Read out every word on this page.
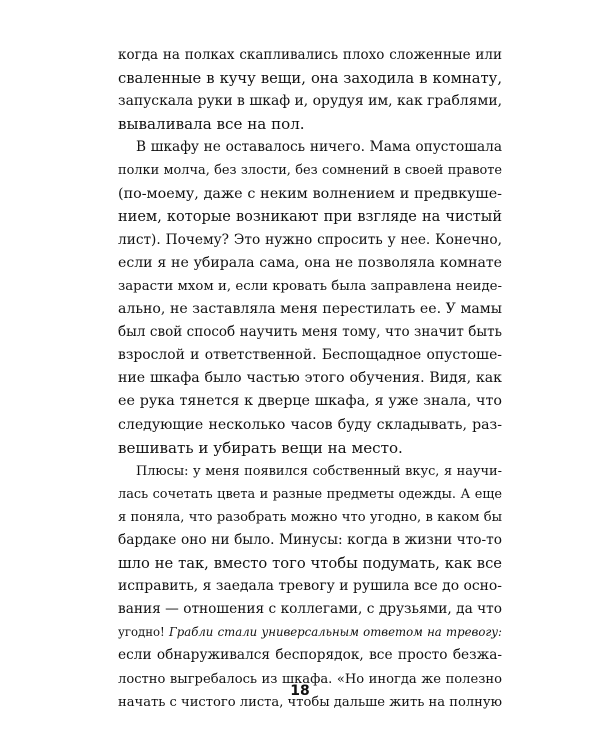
когда на полках скапливались плохо сложенные или
сваленные в кучу вещи, она заходила в комнату,
запускала руки в шкаф и, орудуя им, как граблями,
вываливала все на пол.
В шкафу не оставалось ничего. Мама опустошала
полки молча, без злости, без сомнений в своей правоте
(по-моему, даже с неким волнением и предвкуше-
нием, которые возникают при взгляде на чистый
лист). Почему? Это нужно спросить у нее. Конечно,
если я не убирала сама, она не позволяла комнате
зарасти мхом и, если кровать была заправлена неиде-
ально, не заставляла меня перестилать ее. У мамы
был свой способ научить меня тому, что значит быть
взрослой и ответственной. Беспощадное опустоше-
ние шкафа было частью этого обучения. Видя, как
ее рука тянется к дверце шкафа, я уже знала, что
следующие несколько часов буду складывать, раз-
вешивать и убирать вещи на место.
Плюсы: у меня появился собственный вкус, я научи-
лась сочетать цвета и разные предметы одежды. А еще
я поняла, что разобрать можно что угодно, в каком бы
бардаке оно ни было. Минусы: когда в жизни что-то
шло не так, вместо того чтобы подумать, как все
исправить, я заедала тревогу и рушила все до осно-
вания — отношения с коллегами, с друзьями, да что
угодно! Грабли стали универсальным ответом на тревогу:
если обнаруживался беспорядок, все просто безжа-
лостно выгребалось из шкафа. «Но иногда же полезно
начать с чистого листа, чтобы дальше жить на полную
18
